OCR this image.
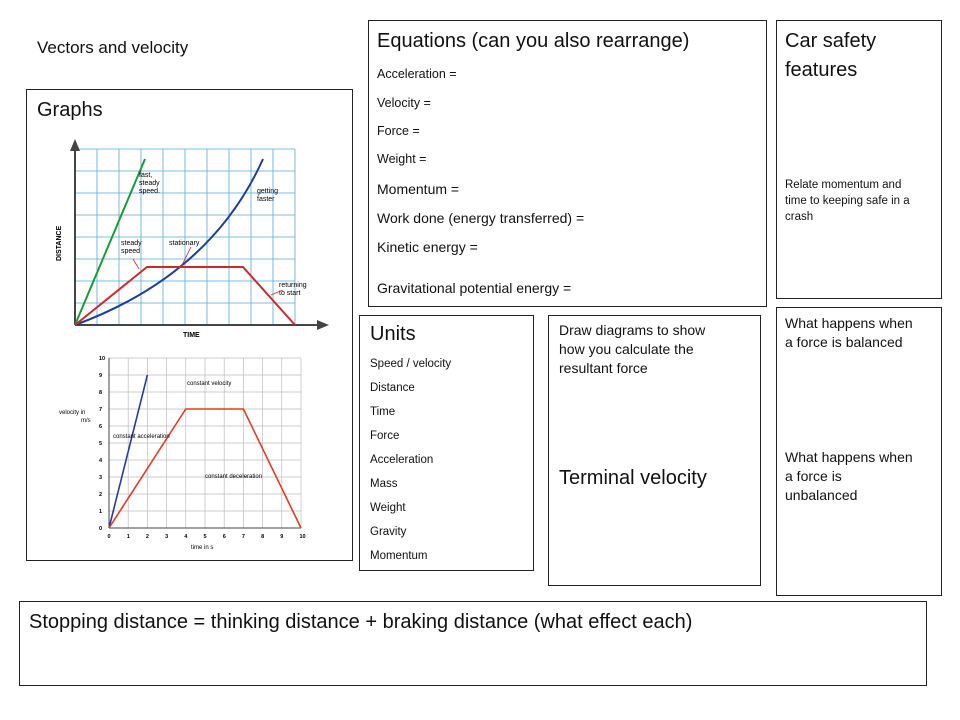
Vectors and velocity
Graphs
DISTANCE
TIME
fast, steady speed.	getting faster
steady speed
stationary
returning to start
0	1	2	3	4	5	6	7	8	9	10
0
1
2
3
4
5
6
7
8
9
10
velocity in m/s
time in s
constant velocity
constant acceleration
constant deceleration
Equations (can you also rearrange)
Acceleration =
Velocity =
Force =
Weight =
Momentum =
Work done (energy transferred) =
Kinetic energy =
Gravitational potential energy =
Car safety
features
Relate momentum and
time to keeping safe in a
crash
Units
Speed / velocity
Distance
Time
Force
Acceleration
Mass
Weight
Gravity
Momentum
Draw diagrams to show
how you calculate the
resultant force
Terminal velocity
What happens when
a force is balanced
What happens when
a force is
unbalanced
Stopping distance = thinking distance + braking distance (what effect each)
